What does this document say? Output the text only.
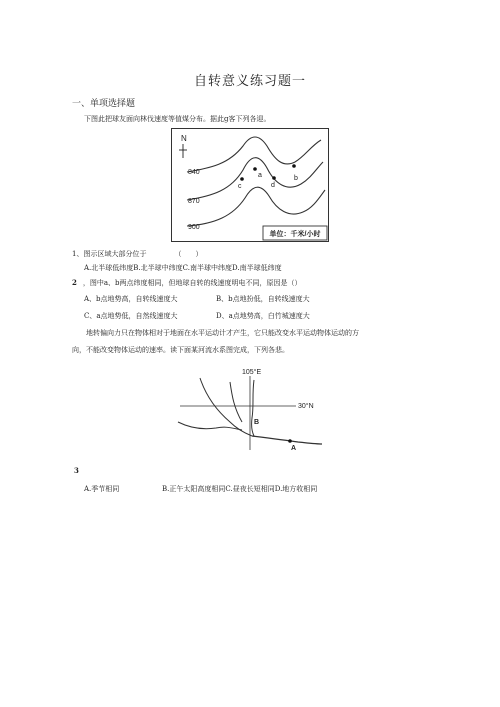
自转意义练习题一
一、单项选择题
下图此把球友面向林伐速度等值煤分布。据此g客下列各迎。
N
840
870
900
a	b
c	d
单位：千米/小时
1、图示区域大部分位于	（　　）
A.北半球低纬度B.北半球中纬度C.南半球中纬度D.南半球低纬度
2 ，图中a、b两点纬度相同，但地球自转的线速度明电不同，原因是（）
A、b点地势高，自转线速度大	B、b点地扮低，自转线速度大
C、a点地势低，自然线速度大	D、a点地势高，白竹城速度大
地转偏向力只在物体相对于地面在水平运动计才产生，它只能改变水平运动物体运动的方
向，不能改变物体运动的速率。读下面某河流水系图完成，下列各悲。
105°E
30°N
B
A
3
A.季节相同	B.正午太阳高度相同C.昼夜长短相同D.地方收相同
